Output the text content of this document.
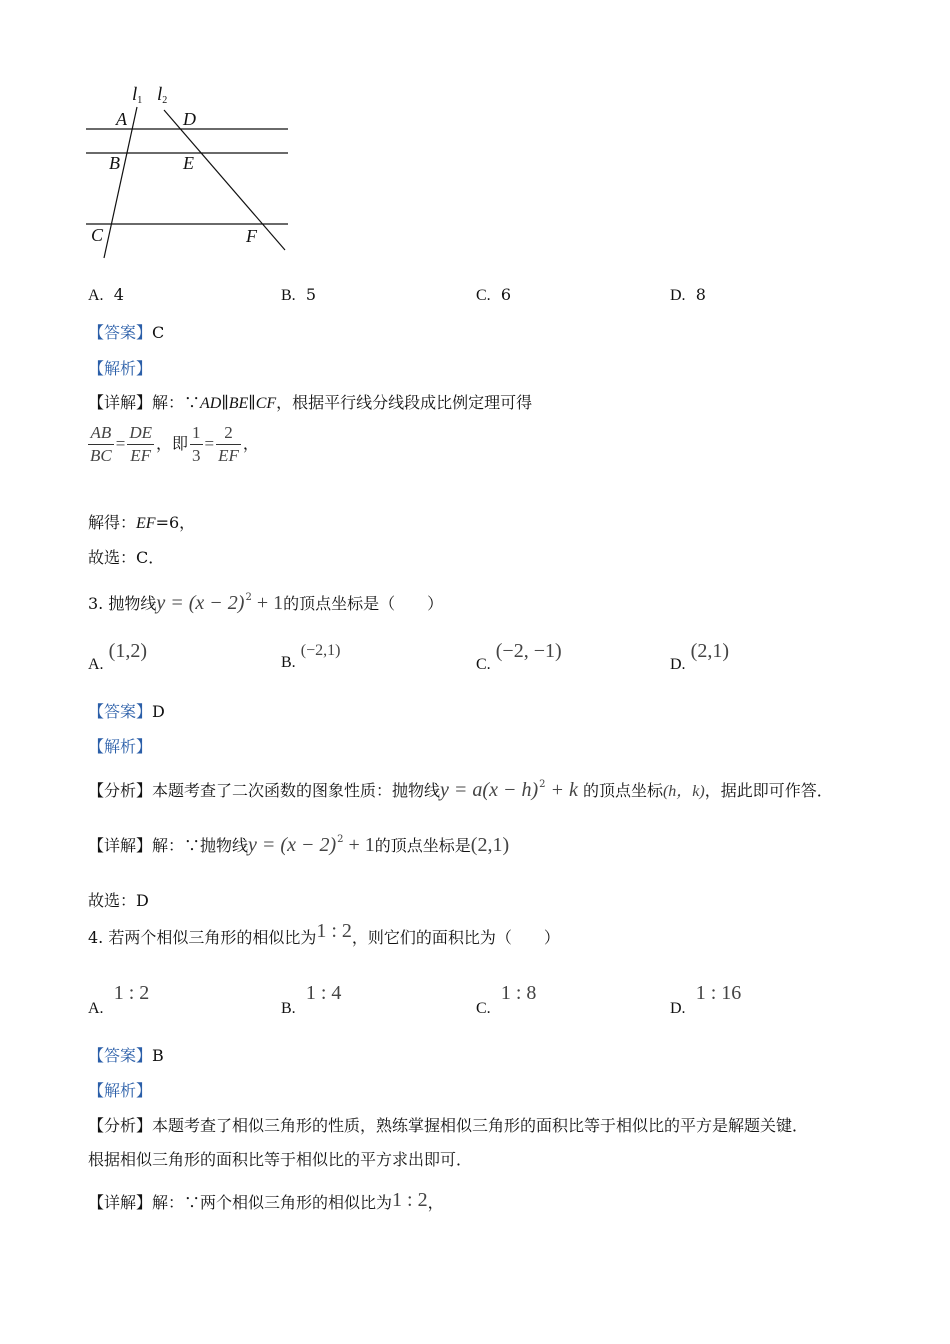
$l_1$ $l_2$
A	D
B	E
C	F
A. 4	B. 5	C. 6	D. 8
【答案】C
【解析】
【详解】解：∵AD∥BE∥CF，根据平行线分线段成比例定理可得
$\frac{AB}{BC} = \frac{DE}{EF}$ ，即 $\frac{1}{3} = \frac{2}{EF}$ ，
解得：EF=6，
故选：C．
3. 抛物线$y = (x - 2)^2 + 1$的顶点坐标是（　　）
A. (1,2)
B. (−2,1)
C. (−2, −1)
D. (2,1)
【答案】D
【解析】
【分析】本题考查了二次函数的图象性质：抛物线$y = a(x - h)^2 + k$ 的顶点坐标(h，k)，据此即可作答．
【详解】解：∵抛物线$y = (x - 2)^2 + 1$的顶点坐标是(2,1)
故选：D
4. 若两个相似三角形的相似比为1 : 2，则它们的面积比为（　　）
A.  1 : 2
B.  1 : 4
C.  1 : 8
D.  1 : 16
【答案】B
【解析】
【分析】本题考查了相似三角形的性质，熟练掌握相似三角形的面积比等于相似比的平方是解题关键．
根据相似三角形的面积比等于相似比的平方求出即可．
【详解】解：∵两个相似三角形的相似比为1 : 2，
